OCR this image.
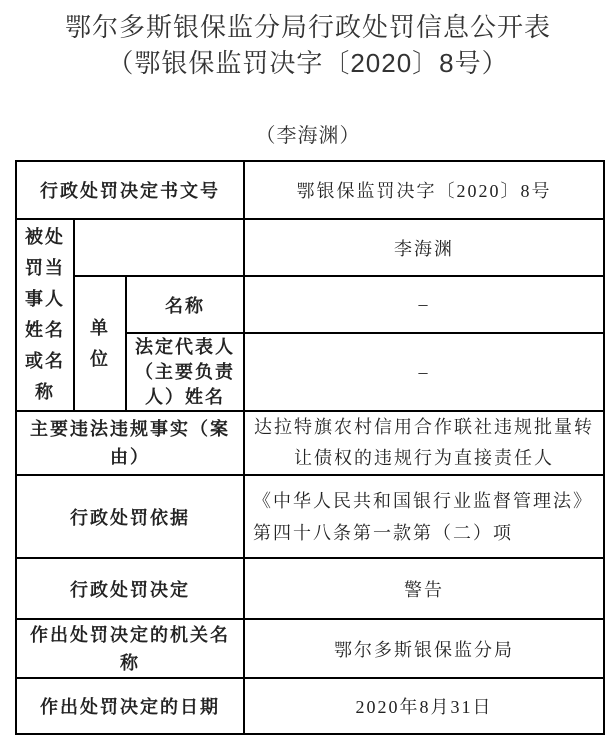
鄂尔多斯银保监分局行政处罚信息公开表
（鄂银保监罚决字〔2020〕8号）
（李海渊）
行政处罚决定书文号			鄂银保监罚决字〔2020〕8号

被处罚当事人姓名或名称			李海渊

	单位	名称	–

		法定代表人（主要负责人）姓名	–

主要违法违规事实（案由）			达拉特旗农村信用合作联社违规批量转让债权的违规行为直接责任人

行政处罚依据			《中华人民共和国银行业监督管理法》第四十八条第一款第（二）项

行政处罚决定			警告

作出处罚决定的机关名称			鄂尔多斯银保监分局

作出处罚决定的日期			2020年8月31日
